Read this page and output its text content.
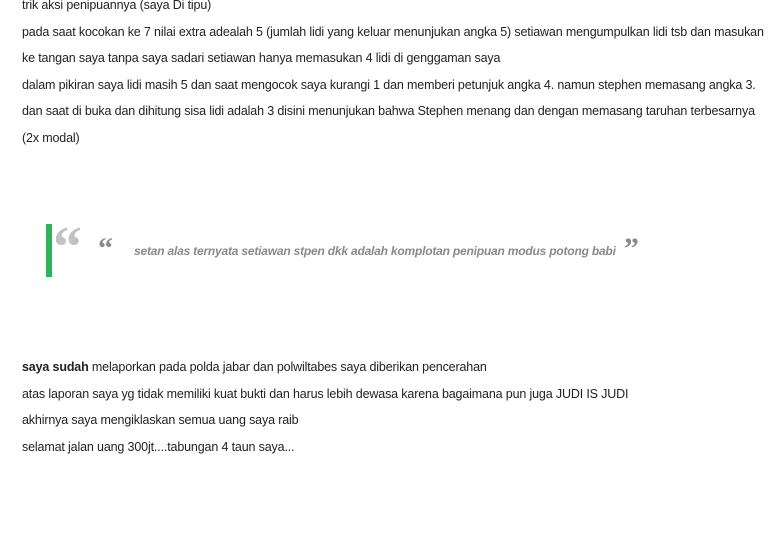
trik aksi penipuannya (saya Di tipu)

pada saat kocokan ke 7 nilai extra adealah 5 (jumlah lidi yang keluar menunjukan angka 5) setiawan mengumpulkan lidi tsb dan masukan

ke tangan saya tanpa saya sadari setiawan hanya memasukan 4 lidi di genggaman saya

dalam pikiran saya lidi masih 5 dan saat mengocok saya kurangi 1 dan memberi petunjuk angka 4. namun stephen memasang angka 3.

dan saat di buka dan dihitung sisa lidi adalah 3 disini menunjukan bahwa Stephen menang dan dengan memasang taruhan terbesarnya (2x modal)

“ “ setan alas ternyata setiawan stpen dkk adalah komplotan penipuan modus potong babi ”

saya sudah melaporkan pada polda jabar dan polwiltabes saya diberikan pencerahan

atas laporan saya yg tidak memiliki kuat bukti dan harus lebih dewasa karena bagaimana pun juga JUDI IS JUDI

akhirnya saya mengiklaskan semua uang saya raib

selamat jalan uang 300jt....tabungan 4 taun saya...
